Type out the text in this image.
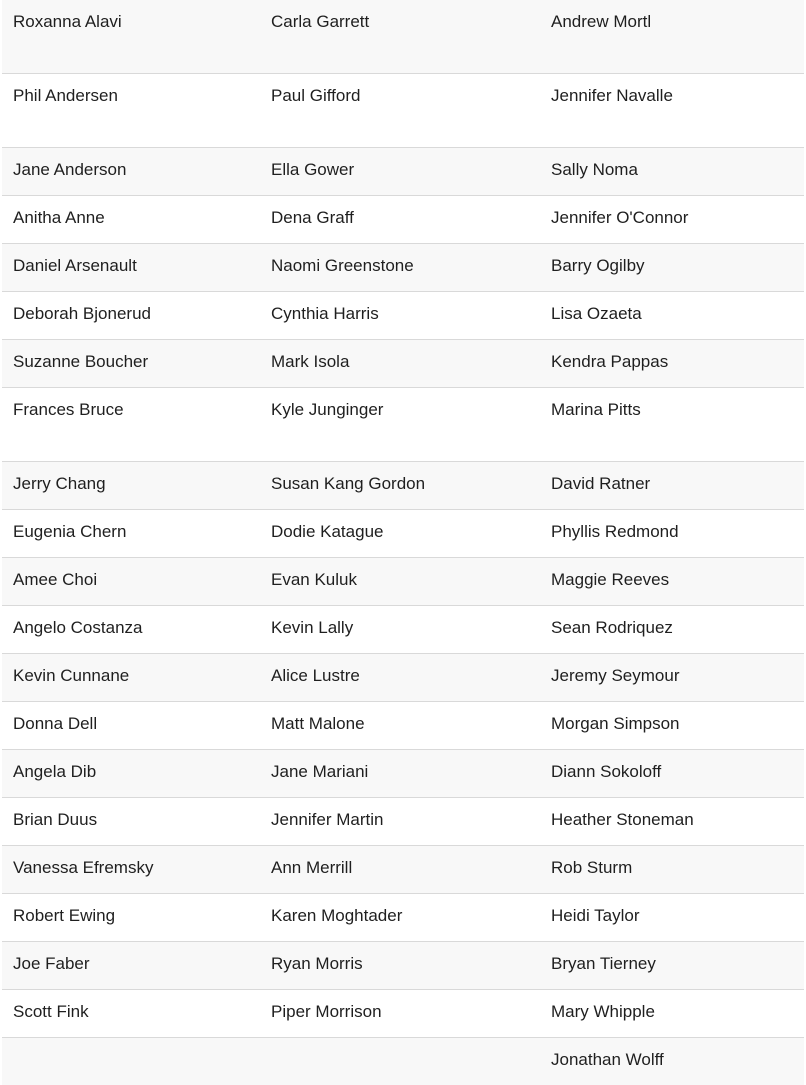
Roxanna Alavi	Carla Garrett	Andrew Mortl
Phil Andersen	Paul Gifford	Jennifer Navalle
Jane Anderson	Ella Gower	Sally Noma
Anitha Anne	Dena Graff	Jennifer O'Connor
Daniel Arsenault	Naomi Greenstone	Barry Ogilby
Deborah Bjonerud	Cynthia Harris	Lisa Ozaeta
Suzanne Boucher	Mark Isola	Kendra Pappas
Frances Bruce	Kyle Junginger	Marina Pitts
Jerry Chang	Susan Kang Gordon	David Ratner
Eugenia Chern	Dodie Katague	Phyllis Redmond
Amee Choi	Evan Kuluk	Maggie Reeves
Angelo Costanza	Kevin Lally	Sean Rodriquez
Kevin Cunnane	Alice Lustre	Jeremy Seymour
Donna Dell	Matt Malone	Morgan Simpson
Angela Dib	Jane Mariani	Diann Sokoloff
Brian Duus	Jennifer Martin	Heather Stoneman
Vanessa Efremsky	Ann Merrill	Rob Sturm
Robert Ewing	Karen Moghtader	Heidi Taylor
Joe Faber	Ryan Morris	Bryan Tierney
Scott Fink	Piper Morrison	Mary Whipple
		Jonathan Wolff
